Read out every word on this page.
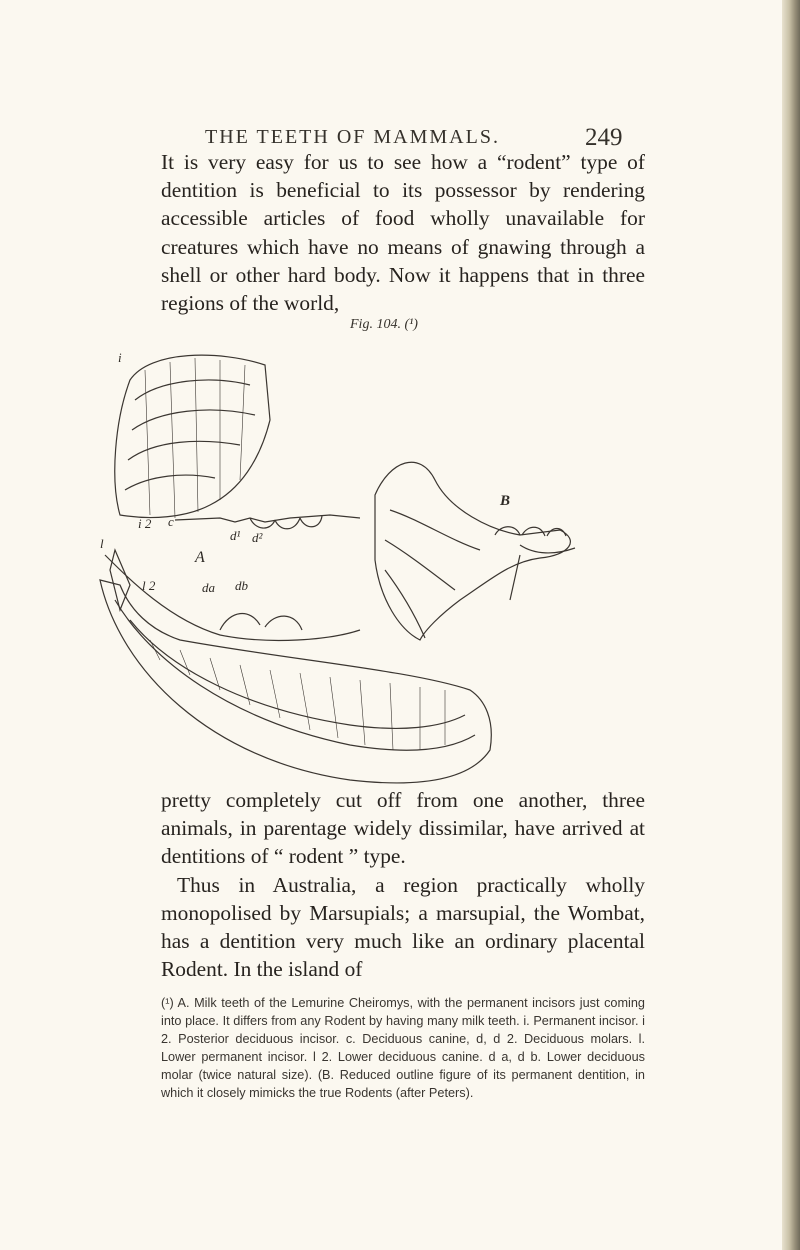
THE TEETH OF MAMMALS.	249
It is very easy for us to see how a “rodent” type of dentition is beneficial to its possessor by rendering accessible articles of food wholly unavailable for creatures which have no means of gnawing through a shell or other hard body. Now it happens that in three regions of the world,
Fig. 104. (¹)
i
i 2 c
d¹ d²
A
l
l 2	da db
B
pretty completely cut off from one another, three animals, in parentage widely dissimilar, have arrived at dentitions of “ rodent ” type.
Thus in Australia, a region practically wholly monopolised by Marsupials; a marsupial, the Wombat, has a dentition very much like an ordinary placental Rodent. In the island of
(¹) A. Milk teeth of the Lemurine Cheiromys, with the permanent incisors just coming into place. It differs from any Rodent by having many milk teeth. i. Permanent incisor. i 2. Posterior deciduous incisor. c. Deciduous canine, d, d 2. Deciduous molars. l. Lower permanent incisor. l 2. Lower deciduous canine. d a, d b. Lower deciduous molar (twice natural size). (B. Reduced outline figure of its permanent dentition, in which it closely mimicks the true Rodents (after Peters).
